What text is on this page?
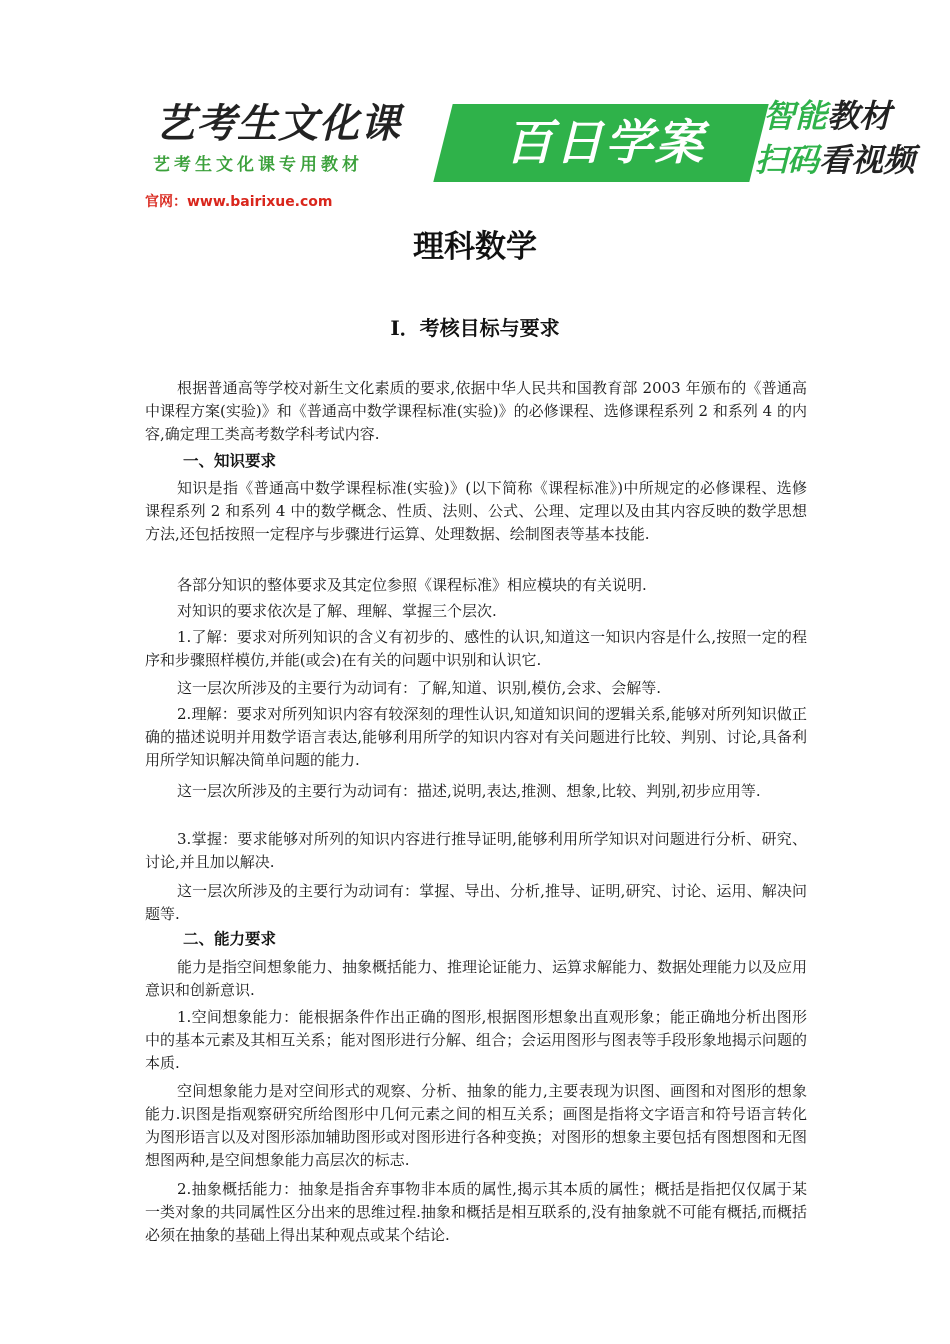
艺考生文化课
艺考生文化课专用教材	百日学案	智能教材
扫码看视频
官网：www.bairixue.com
理科数学
I．考核目标与要求

根据普通高等学校对新生文化素质的要求,依据中华人民共和国教育部 2003 年颁布的《普通高中课程方案(实验)》和《普通高中数学课程标准(实验)》的必修课程、选修课程系列 2 和系列 4 的内容,确定理工类高考数学科考试内容.

一、知识要求

知识是指《普通高中数学课程标准(实验)》(以下简称《课程标准》)中所规定的必修课程、选修课程系列 2 和系列 4 中的数学概念、性质、法则、公式、公理、定理以及由其内容反映的数学思想方法,还包括按照一定程序与步骤进行运算、处理数据、绘制图表等基本技能.

各部分知识的整体要求及其定位参照《课程标准》相应模块的有关说明.

对知识的要求依次是了解、理解、掌握三个层次.

1.了解：要求对所列知识的含义有初步的、感性的认识,知道这一知识内容是什么,按照一定的程序和步骤照样模仿,并能(或会)在有关的问题中识别和认识它.

这一层次所涉及的主要行为动词有：了解,知道、识别,模仿,会求、会解等.

2.理解：要求对所列知识内容有较深刻的理性认识,知道知识间的逻辑关系,能够对所列知识做正确的描述说明并用数学语言表达,能够利用所学的知识内容对有关问题进行比较、判别、讨论,具备利用所学知识解决简单问题的能力.

这一层次所涉及的主要行为动词有：描述,说明,表达,推测、想象,比较、判别,初步应用等.

3.掌握：要求能够对所列的知识内容进行推导证明,能够利用所学知识对问题进行分析、研究、讨论,并且加以解决.

这一层次所涉及的主要行为动词有：掌握、导出、分析,推导、证明,研究、讨论、运用、解决问题等.

二、能力要求

能力是指空间想象能力、抽象概括能力、推理论证能力、运算求解能力、数据处理能力以及应用意识和创新意识.

1.空间想象能力：能根据条件作出正确的图形,根据图形想象出直观形象；能正确地分析出图形中的基本元素及其相互关系；能对图形进行分解、组合；会运用图形与图表等手段形象地揭示问题的本质.

空间想象能力是对空间形式的观察、分析、抽象的能力,主要表现为识图、画图和对图形的想象能力.识图是指观察研究所给图形中几何元素之间的相互关系；画图是指将文字语言和符号语言转化为图形语言以及对图形添加辅助图形或对图形进行各种变换；对图形的想象主要包括有图想图和无图想图两种,是空间想象能力高层次的标志.

2.抽象概括能力：抽象是指舍弃事物非本质的属性,揭示其本质的属性；概括是指把仅仅属于某一类对象的共同属性区分出来的思维过程.抽象和概括是相互联系的,没有抽象就不可能有概括,而概括必须在抽象的基础上得出某种观点或某个结论.
